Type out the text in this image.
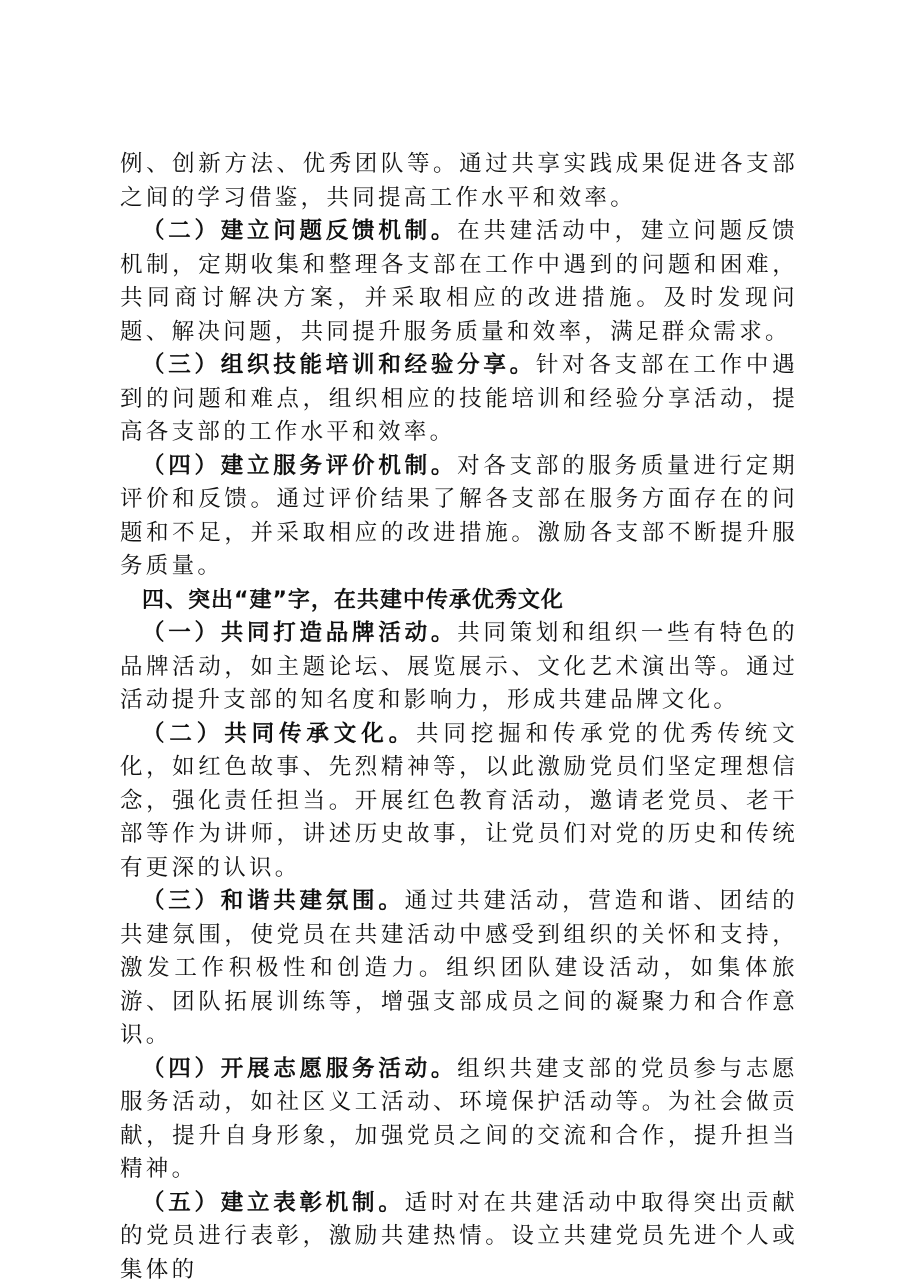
例、创新方法、优秀团队等。通过共享实践成果促进各支部之间的学习借鉴，共同提高工作水平和效率。

（二）建立问题反馈机制。在共建活动中，建立问题反馈机制，定期收集和整理各支部在工作中遇到的问题和困难，共同商讨解决方案，并采取相应的改进措施。及时发现问题、解决问题，共同提升服务质量和效率，满足群众需求。

（三）组织技能培训和经验分享。针对各支部在工作中遇到的问题和难点，组织相应的技能培训和经验分享活动，提高各支部的工作水平和效率。

（四）建立服务评价机制。对各支部的服务质量进行定期评价和反馈。通过评价结果了解各支部在服务方面存在的问题和不足，并采取相应的改进措施。激励各支部不断提升服务质量。

四、突出“建”字，在共建中传承优秀文化

（一）共同打造品牌活动。共同策划和组织一些有特色的品牌活动，如主题论坛、展览展示、文化艺术演出等。通过活动提升支部的知名度和影响力，形成共建品牌文化。

（二）共同传承文化。共同挖掘和传承党的优秀传统文化，如红色故事、先烈精神等，以此激励党员们坚定理想信念，强化责任担当。开展红色教育活动，邀请老党员、老干部等作为讲师，讲述历史故事，让党员们对党的历史和传统有更深的认识。

（三）和谐共建氛围。通过共建活动，营造和谐、团结的共建氛围，使党员在共建活动中感受到组织的关怀和支持，激发工作积极性和创造力。组织团队建设活动，如集体旅游、团队拓展训练等，增强支部成员之间的凝聚力和合作意识。

（四）开展志愿服务活动。组织共建支部的党员参与志愿服务活动，如社区义工活动、环境保护活动等。为社会做贡献，提升自身形象，加强党员之间的交流和合作，提升担当精神。

（五）建立表彰机制。适时对在共建活动中取得突出贡献的党员进行表彰，激励共建热情。设立共建党员先进个人或集体的
